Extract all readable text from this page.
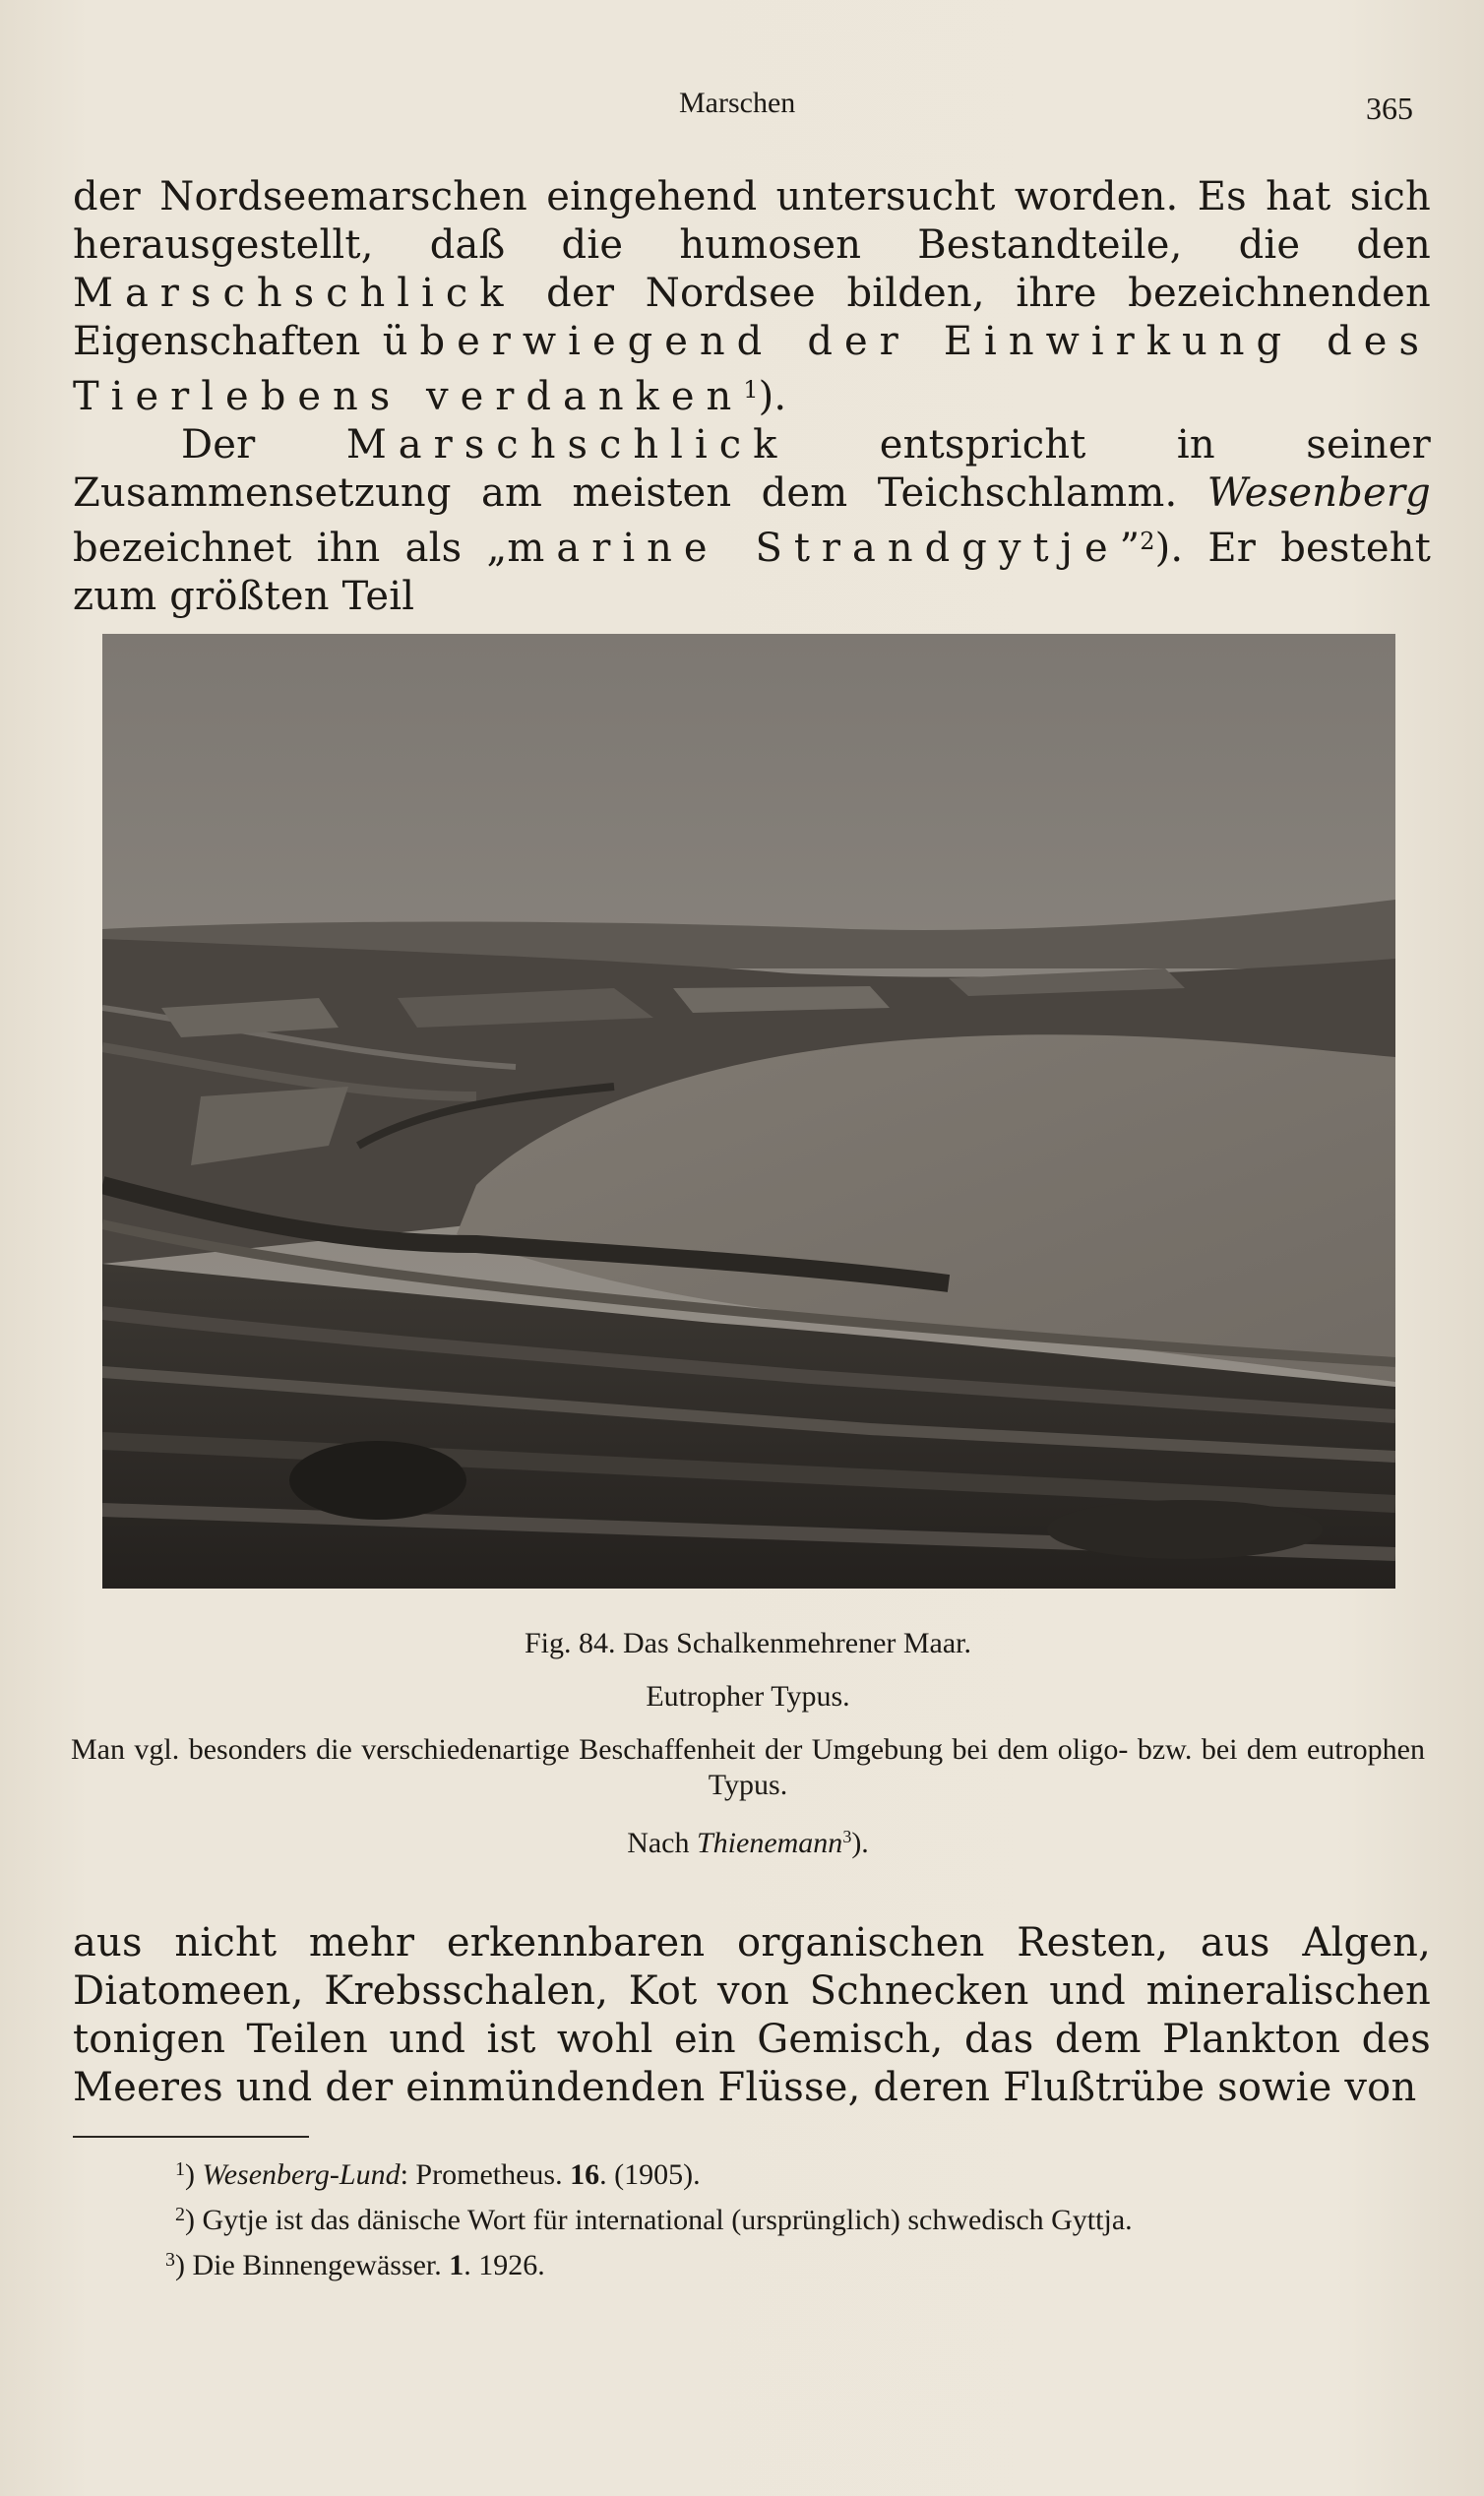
Marschen	365

der Nordseemarschen eingehend untersucht worden. Es hat sich herausgestellt, daß die humosen Bestandteile, die den Marschschlick der Nordsee bilden, ihre bezeichnenden Eigenschaften überwiegend der Einwirkung des Tierlebens verdanken$^1$).

Der Marschschlick entspricht in seiner Zusammensetzung am meisten dem Teichschlamm. Wesenberg bezeichnet ihn als „marine Strandgytje”$^2$). Er besteht zum größten Teil

Fig. 84. Das Schalkenmehrener Maar.
Eutropher Typus.
Man vgl. besonders die verschiedenartige Beschaffenheit der Umgebung bei dem oligo- bzw. bei dem eutrophen Typus.
Nach Thienemann$^3$).

aus nicht mehr erkennbaren organischen Resten, aus Algen, Diatomeen, Krebsschalen, Kot von Schnecken und mineralischen tonigen Teilen und ist wohl ein Gemisch, das dem Plankton des Meeres und der einmündenden Flüsse, deren Flußtrübe sowie von

$^1$) Wesenberg-Lund: Prometheus. 16. (1905).
$^2$) Gytje ist das dänische Wort für international (ursprünglich) schwedisch Gyttja.
$^3$) Die Binnengewässer. 1. 1926.
